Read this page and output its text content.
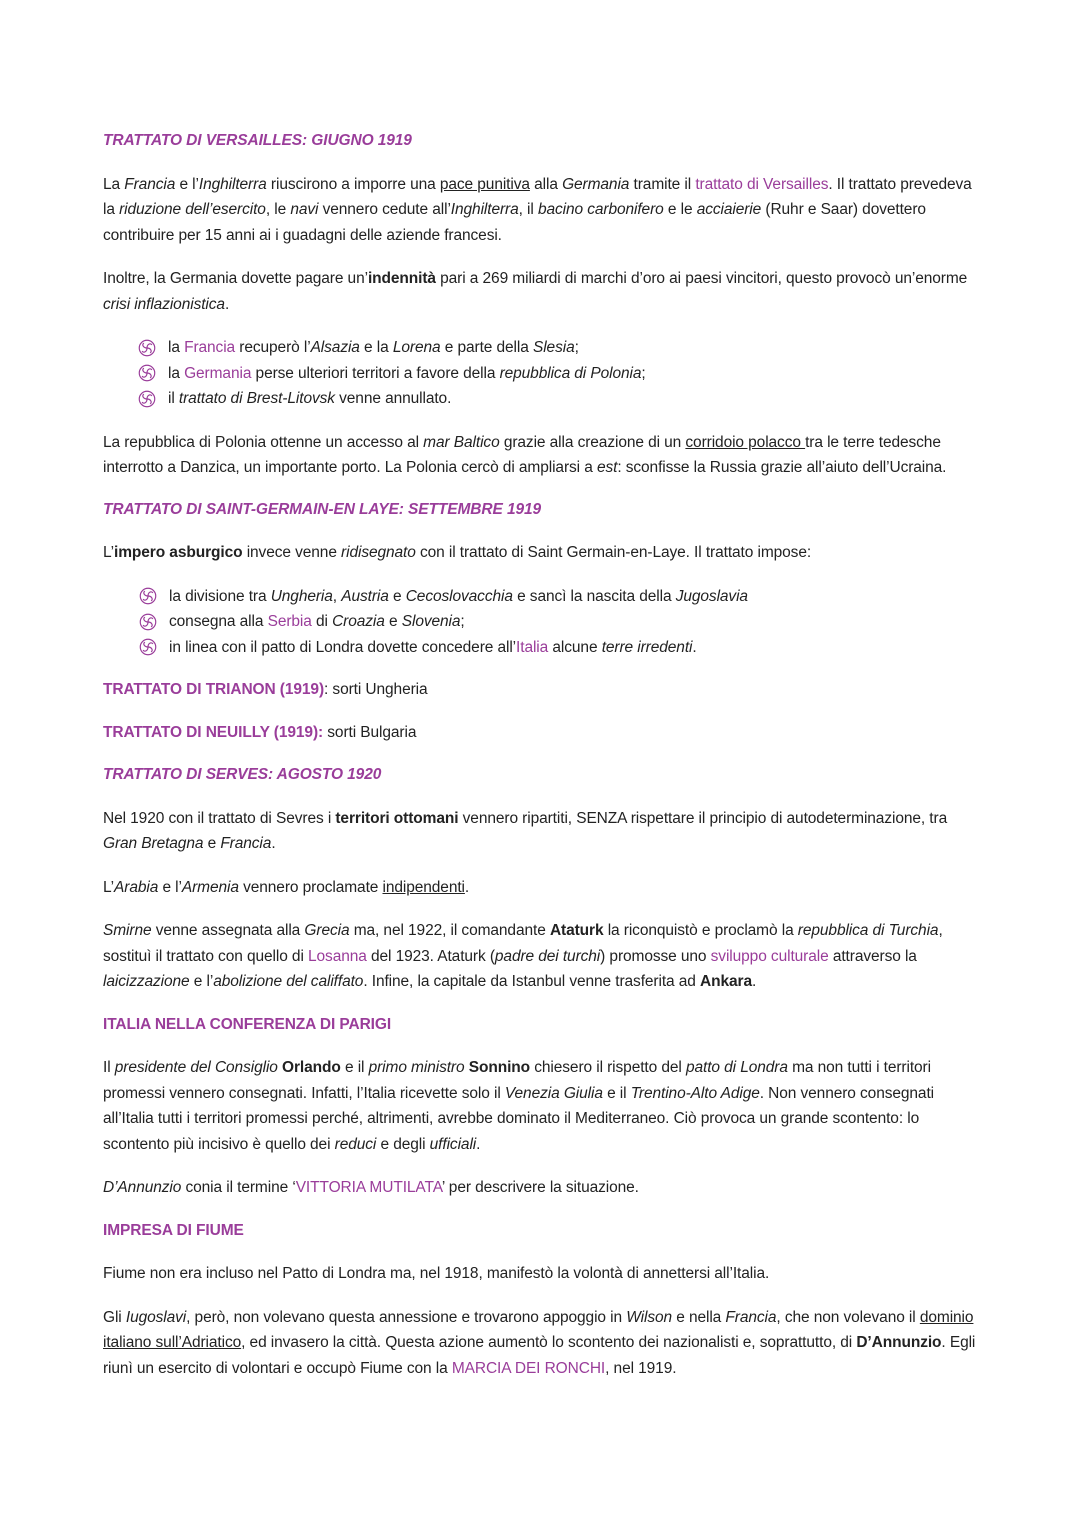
TRATTATO DI VERSAILLES: GIUGNO 1919

La Francia e l’Inghilterra riuscirono a imporre una pace punitiva alla Germania tramite il trattato di Versailles. Il trattato prevedeva la riduzione dell’esercito, le navi vennero cedute all’Inghilterra, il bacino carbonifero e le acciaierie (Ruhr e Saar) dovettero contribuire per 15 anni ai i guadagni delle aziende francesi.

Inoltre, la Germania dovette pagare un’indennità pari a 269 miliardi di marchi d’oro ai paesi vincitori, questo provocò un’enorme crisi inflazionistica.

la Francia recuperò l’Alsazia e la Lorena e parte della Slesia;
la Germania perse ulteriori territori a favore della repubblica di Polonia;
il trattato di Brest-Litovsk venne annullato.

La repubblica di Polonia ottenne un accesso al mar Baltico grazie alla creazione di un corridoio polacco tra le terre tedesche interrotto a Danzica, un importante porto. La Polonia cercò di ampliarsi a est: sconfisse la Russia grazie all’aiuto dell’Ucraina.

TRATTATO DI SAINT-GERMAIN-EN LAYE: SETTEMBRE 1919

L’impero asburgico invece venne ridisegnato con il trattato di Saint Germain-en-Laye. Il trattato impose:

la divisione tra Ungheria, Austria e Cecoslovacchia e sancì la nascita della Jugoslavia
consegna alla Serbia di Croazia e Slovenia;
in linea con il patto di Londra dovette concedere all’Italia alcune terre irredenti.

TRATTATO DI TRIANON (1919): sorti Ungheria

TRATTATO DI NEUILLY (1919): sorti Bulgaria

TRATTATO DI SERVES: AGOSTO 1920

Nel 1920 con il trattato di Sevres i territori ottomani vennero ripartiti, SENZA rispettare il principio di autodeterminazione, tra Gran Bretagna e Francia.

L’Arabia e l’Armenia vennero proclamate indipendenti.

Smirne venne assegnata alla Grecia ma, nel 1922, il comandante Ataturk la riconquistò e proclamò la repubblica di Turchia, sostituì il trattato con quello di Losanna del 1923. Ataturk (padre dei turchi) promosse uno sviluppo culturale attraverso la laicizzazione e l’abolizione del califfato. Infine, la capitale da Istanbul venne trasferita ad Ankara.

ITALIA NELLA CONFERENZA DI PARIGI

Il presidente del Consiglio Orlando e il primo ministro Sonnino chiesero il rispetto del patto di Londra ma non tutti i territori promessi vennero consegnati. Infatti, l’Italia ricevette solo il Venezia Giulia e il Trentino-Alto Adige. Non vennero consegnati all’Italia tutti i territori promessi perché, altrimenti, avrebbe dominato il Mediterraneo. Ciò provoca un grande scontento: lo scontento più incisivo è quello dei reduci e degli ufficiali.

D’Annunzio conia il termine ‘VITTORIA MUTILATA’ per descrivere la situazione.

IMPRESA DI FIUME

Fiume non era incluso nel Patto di Londra ma, nel 1918, manifestò la volontà di annettersi all’Italia.

Gli Iugoslavi, però, non volevano questa annessione e trovarono appoggio in Wilson e nella Francia, che non volevano il dominio italiano sull’Adriatico, ed invasero la città. Questa azione aumentò lo scontento dei nazionalisti e, soprattutto, di D’Annunzio. Egli riunì un esercito di volontari e occupò Fiume con la MARCIA DEI RONCHI, nel 1919.
